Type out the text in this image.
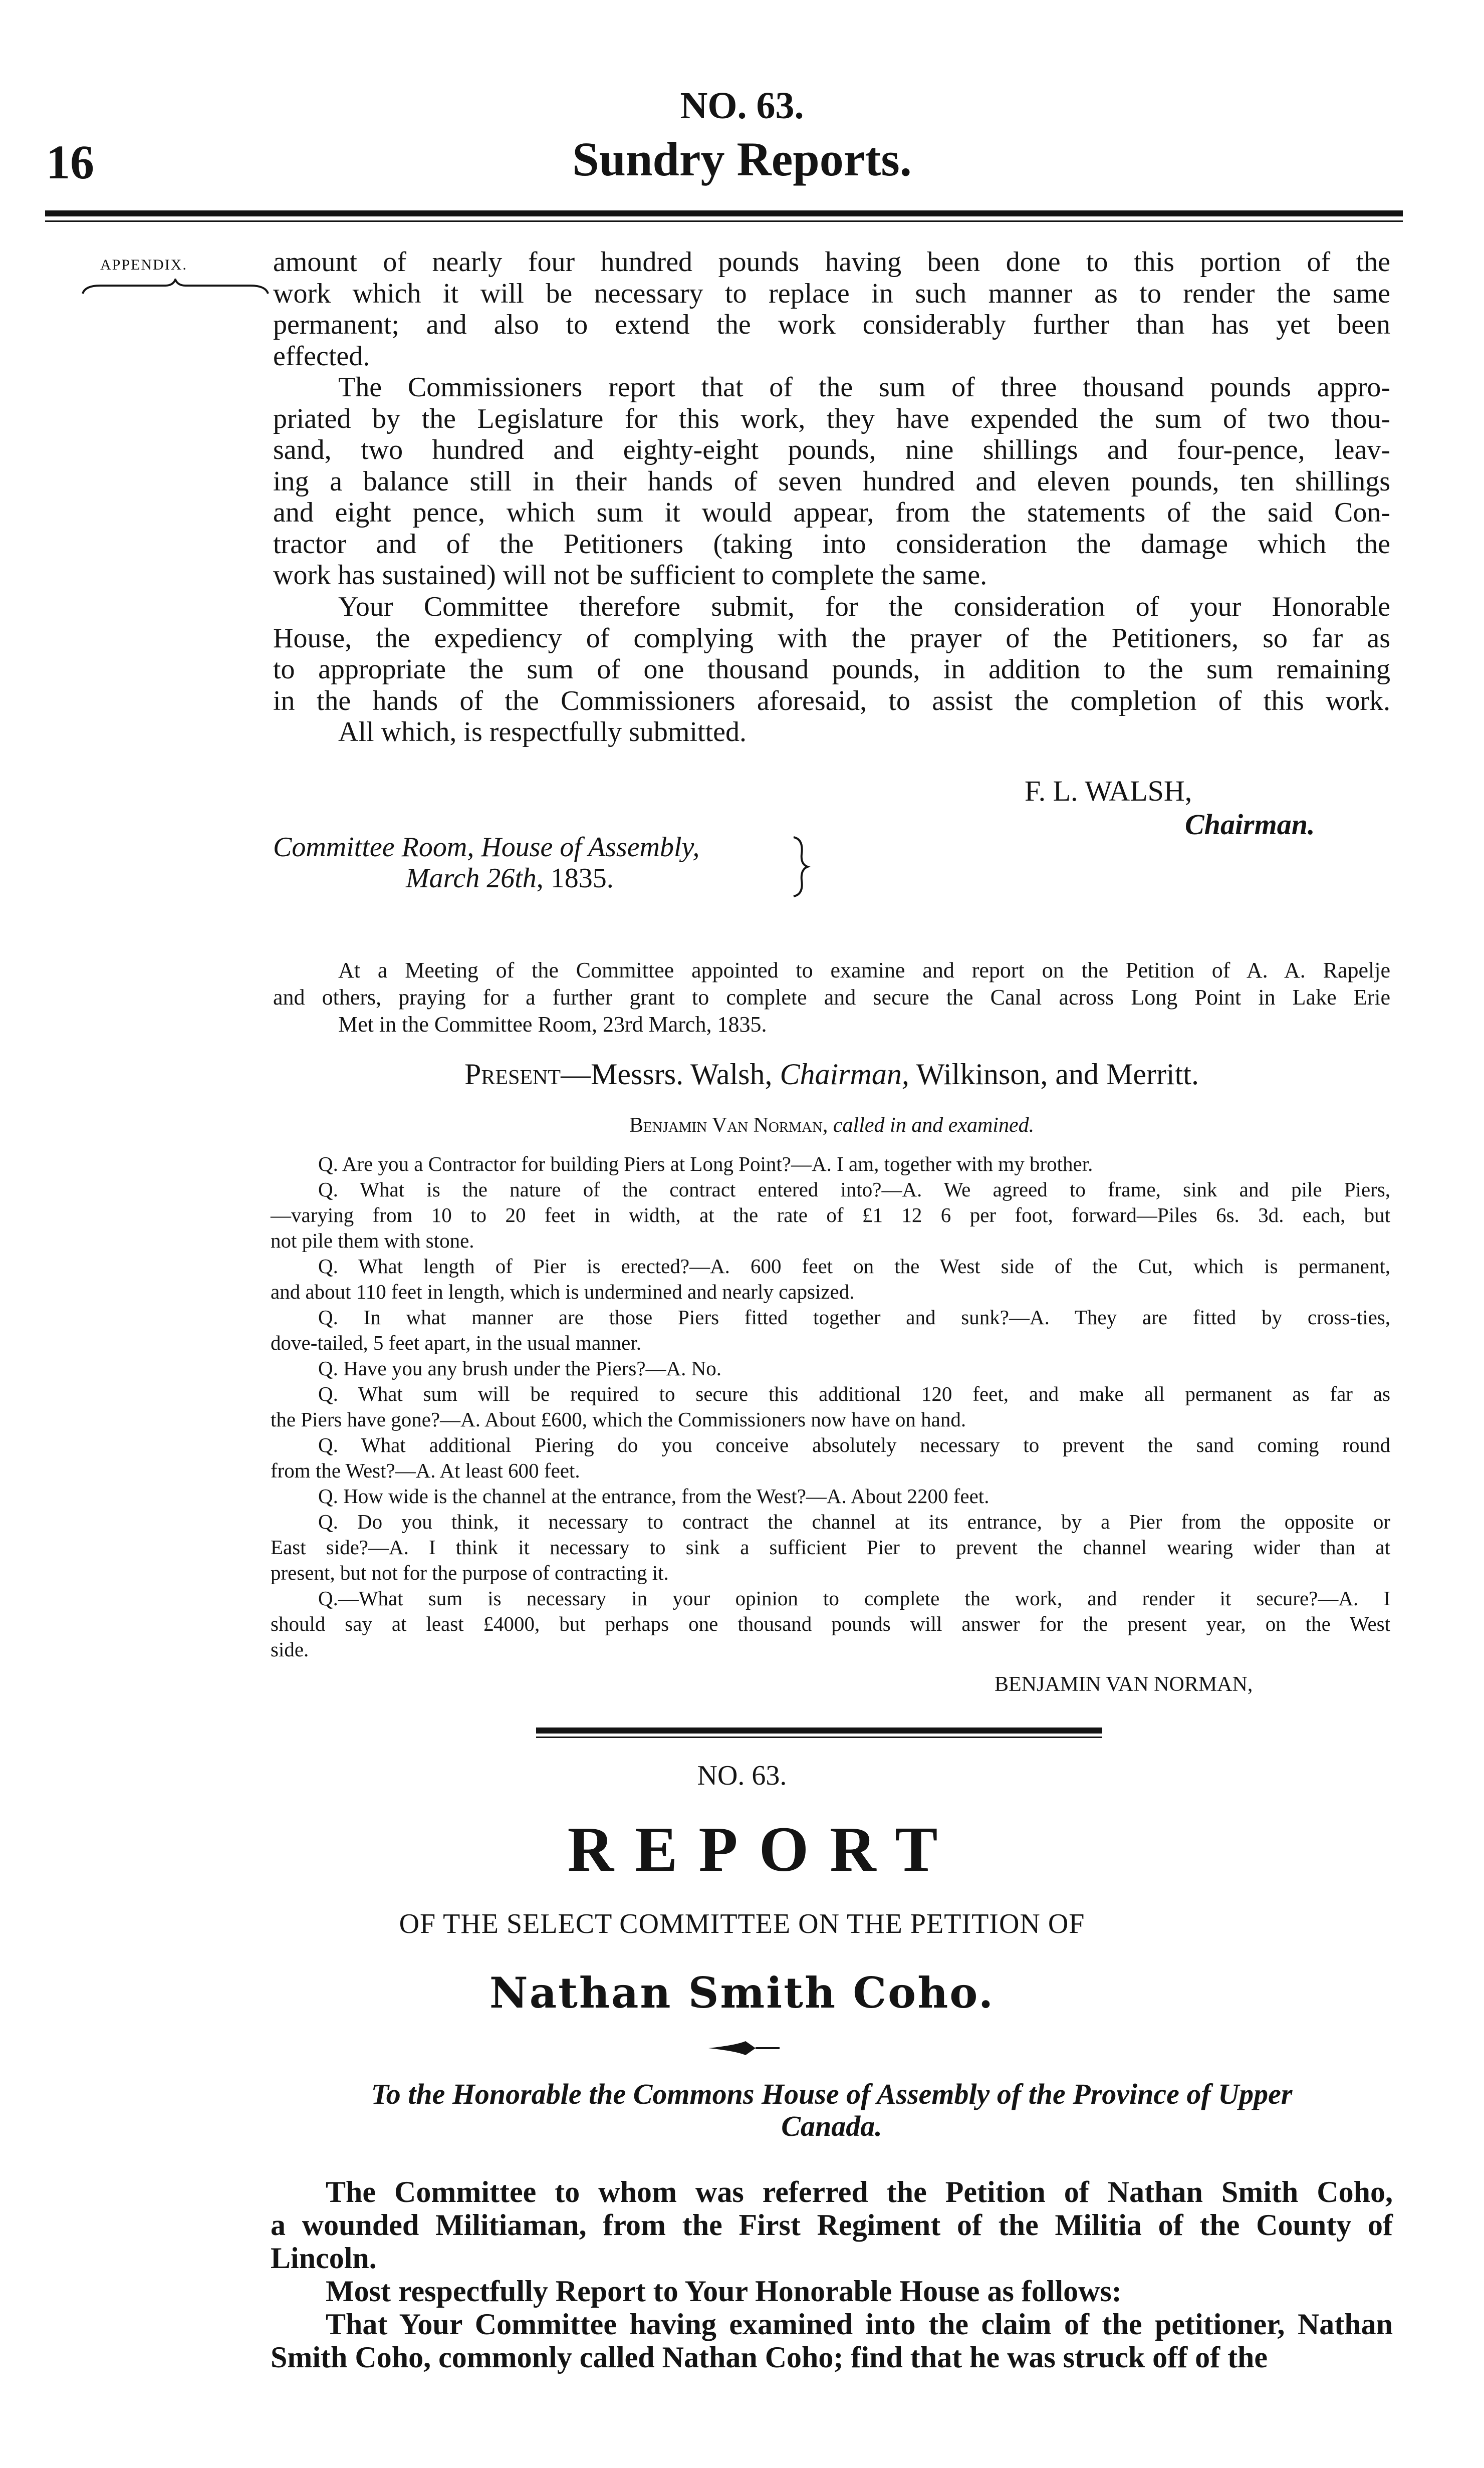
NO. 63.
16	Sundry Reports.
APPENDIX.	amount of nearly four hundred pounds having been done to this portion of the
work which it will be necessary to replace in such manner as to render the same
permanent; and also to extend the work considerably further than has yet been
effected.
The Commissioners report that of the sum of three thousand pounds appro-
priated by the Legislature for this work, they have expended the sum of two thou-
sand, two hundred and eighty-eight pounds, nine shillings and four-pence, leav-
ing a balance still in their hands of seven hundred and eleven pounds, ten shillings
and eight pence, which sum it would appear, from the statements of the said Con-
tractor and of the Petitioners (taking into consideration the damage which the
work has sustained) will not be sufficient to complete the same.
Your Committee therefore submit, for the consideration of your Honorable
House, the expediency of complying with the prayer of the Petitioners, so far as
to appropriate the sum of one thousand pounds, in addition to the sum remaining
in the hands of the Commissioners aforesaid, to assist the completion of this work.
All which, is respectfully submitted.
F. L. WALSH,
Chairman.
Committee Room, House of Assembly,
March 26th, 1835.
At a Meeting of the Committee appointed to examine and report on the Petition of A. A. Rapelje
and others, praying for a further grant to complete and secure the Canal across Long Point in Lake Erie
Met in the Committee Room, 23rd March, 1835.
Present—Messrs. Walsh, Chairman, Wilkinson, and Merritt.
Benjamin Van Norman, called in and examined.
Q. Are you a Contractor for building Piers at Long Point?—A. I am, together with my brother.
Q. What is the nature of the contract entered into?—A. We agreed to frame, sink and pile Piers,
—varying from 10 to 20 feet in width, at the rate of £1 12 6 per foot, forward—Piles 6s. 3d. each, but
not pile them with stone.
Q. What length of Pier is erected?—A. 600 feet on the West side of the Cut, which is permanent,
and about 110 feet in length, which is undermined and nearly capsized.
Q. In what manner are those Piers fitted together and sunk?—A. They are fitted by cross-ties,
dove-tailed, 5 feet apart, in the usual manner.
Q. Have you any brush under the Piers?—A. No.
Q. What sum will be required to secure this additional 120 feet, and make all permanent as far as
the Piers have gone?—A. About £600, which the Commissioners now have on hand.
Q. What additional Piering do you conceive absolutely necessary to prevent the sand coming round
from the West?—A. At least 600 feet.
Q. How wide is the channel at the entrance, from the West?—A. About 2200 feet.
Q. Do you think, it necessary to contract the channel at its entrance, by a Pier from the opposite or
East side?—A. I think it necessary to sink a sufficient Pier to prevent the channel wearing wider than at
present, but not for the purpose of contracting it.
Q.—What sum is necessary in your opinion to complete the work, and render it secure?—A. I
should say at least £4000, but perhaps one thousand pounds will answer for the present year, on the West
side.
BENJAMIN VAN NORMAN,
NO. 63.
REPORT
OF THE SELECT COMMITTEE ON THE PETITION OF
Nathan Smith Coho.
To the Honorable the Commons House of Assembly of the Province of Upper
Canada.
The Committee to whom was referred the Petition of Nathan Smith Coho,
a wounded Militiaman, from the First Regiment of the Militia of the County of
Lincoln.
Most respectfully Report to Your Honorable House as follows:
That Your Committee having examined into the claim of the petitioner, Nathan
Smith Coho, commonly called Nathan Coho; find that he was struck off of the
